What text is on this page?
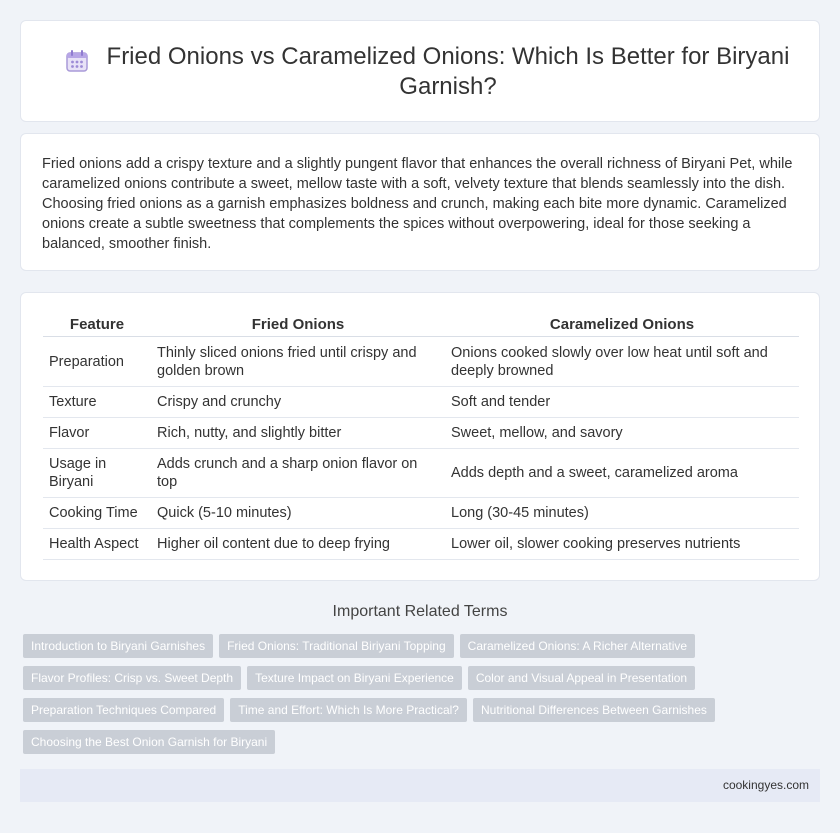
Fried Onions vs Caramelized Onions: Which Is Better for Biryani Garnish?

Fried onions add a crispy texture and a slightly pungent flavor that enhances the overall richness of Biryani Pet, while caramelized onions contribute a sweet, mellow taste with a soft, velvety texture that blends seamlessly into the dish. Choosing fried onions as a garnish emphasizes boldness and crunch, making each bite more dynamic. Caramelized onions create a subtle sweetness that complements the spices without overpowering, ideal for those seeking a balanced, smoother finish.

Feature	Fried Onions	Caramelized Onions
Preparation	Thinly sliced onions fried until crispy and golden brown	Onions cooked slowly over low heat until soft and deeply browned
Texture	Crispy and crunchy	Soft and tender
Flavor	Rich, nutty, and slightly bitter	Sweet, mellow, and savory
Usage in Biryani	Adds crunch and a sharp onion flavor on top	Adds depth and a sweet, caramelized aroma
Cooking Time	Quick (5-10 minutes)	Long (30-45 minutes)
Health Aspect	Higher oil content due to deep frying	Lower oil, slower cooking preserves nutrients
Important Related Terms
Introduction to Biryani Garnishes Fried Onions: Traditional Biriyani Topping Caramelized Onions: A Richer Alternative
Flavor Profiles: Crisp vs. Sweet Depth Texture Impact on Biryani Experience Color and Visual Appeal in Presentation
Preparation Techniques Compared Time and Effort: Which Is More Practical? Nutritional Differences Between Garnishes
Choosing the Best Onion Garnish for Biryani
cookingyes.com
